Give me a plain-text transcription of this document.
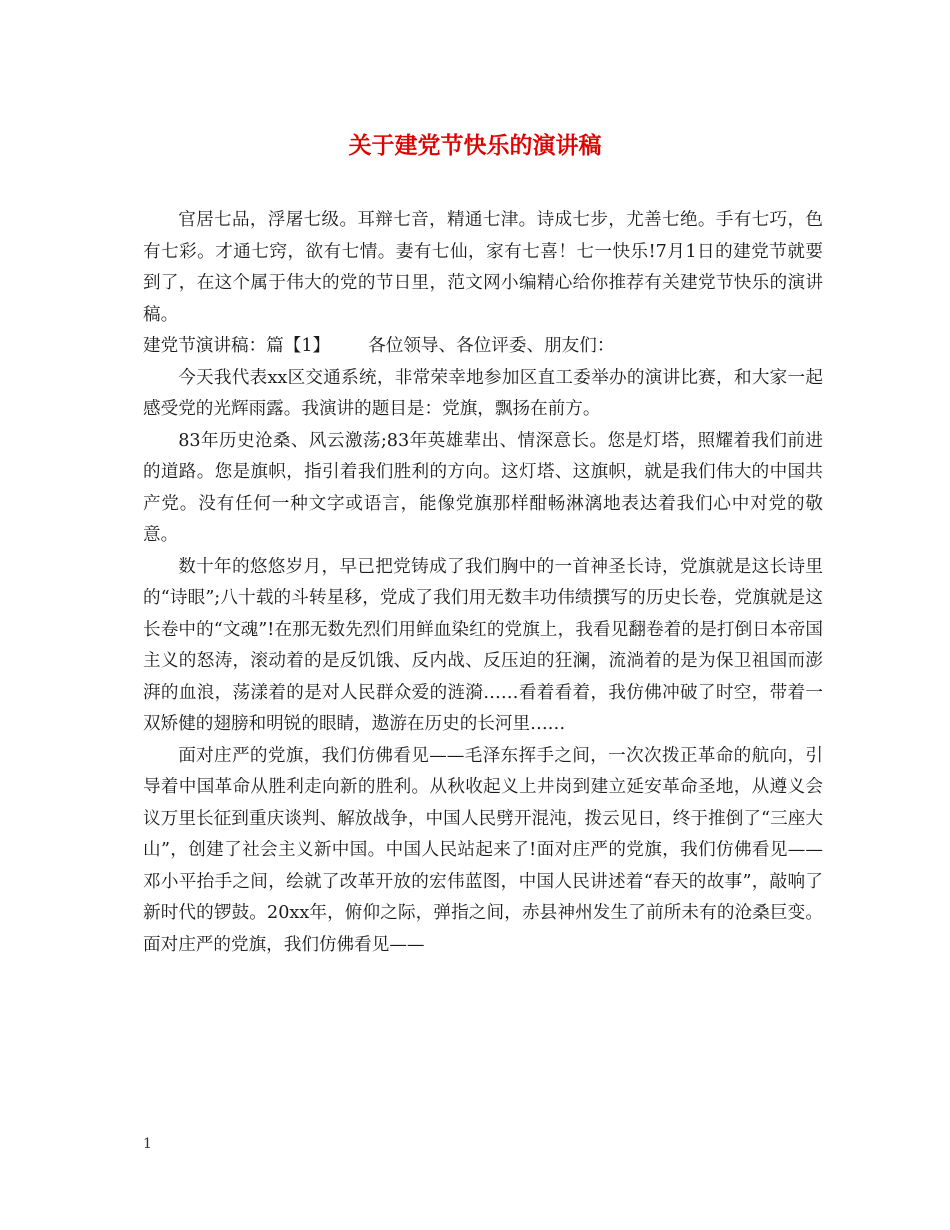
关于建党节快乐的演讲稿

官居七品，浮屠七级。耳辩七音，精通七津。诗成七步，尤善七绝。手有七巧，色有七彩。才通七窍，欲有七情。妻有七仙，家有七喜！七一快乐!7月1日的建党节就要到了，在这个属于伟大的党的节日里，范文网小编精心给你推荐有关建党节快乐的演讲稿。

建党节演讲稿：篇【1】 各位领导、各位评委、朋友们：

今天我代表xx区交通系统，非常荣幸地参加区直工委举办的演讲比赛，和大家一起感受党的光辉雨露。我演讲的题目是：党旗，飘扬在前方。

83年历史沧桑、风云激荡;83年英雄辈出、情深意长。您是灯塔，照耀着我们前进的道路。您是旗帜，指引着我们胜利的方向。这灯塔、这旗帜，就是我们伟大的中国共产党。没有任何一种文字或语言，能像党旗那样酣畅淋漓地表达着我们心中对党的敬意。

数十年的悠悠岁月，早已把党铸成了我们胸中的一首神圣长诗，党旗就是这长诗里的“诗眼”;八十载的斗转星移，党成了我们用无数丰功伟绩撰写的历史长卷，党旗就是这长卷中的“文魂”!在那无数先烈们用鲜血染红的党旗上，我看见翻卷着的是打倒日本帝国主义的怒涛，滚动着的是反饥饿、反内战、反压迫的狂澜，流淌着的是为保卫祖国而澎湃的血浪，荡漾着的是对人民群众爱的涟漪……看着看着，我仿佛冲破了时空，带着一双矫健的翅膀和明锐的眼睛，遨游在历史的长河里……

面对庄严的党旗，我们仿佛看见——毛泽东挥手之间，一次次拨正革命的航向，引导着中国革命从胜利走向新的胜利。从秋收起义上井岗到建立延安革命圣地，从遵义会议万里长征到重庆谈判、解放战争，中国人民劈开混沌，拨云见日，终于推倒了“三座大山”，创建了社会主义新中国。中国人民站起来了!面对庄严的党旗，我们仿佛看见——邓小平抬手之间，绘就了改革开放的宏伟蓝图，中国人民讲述着“春天的故事”，敲响了新时代的锣鼓。20xx年，俯仰之际，弹指之间，赤县神州发生了前所未有的沧桑巨变。面对庄严的党旗，我们仿佛看见——

1
